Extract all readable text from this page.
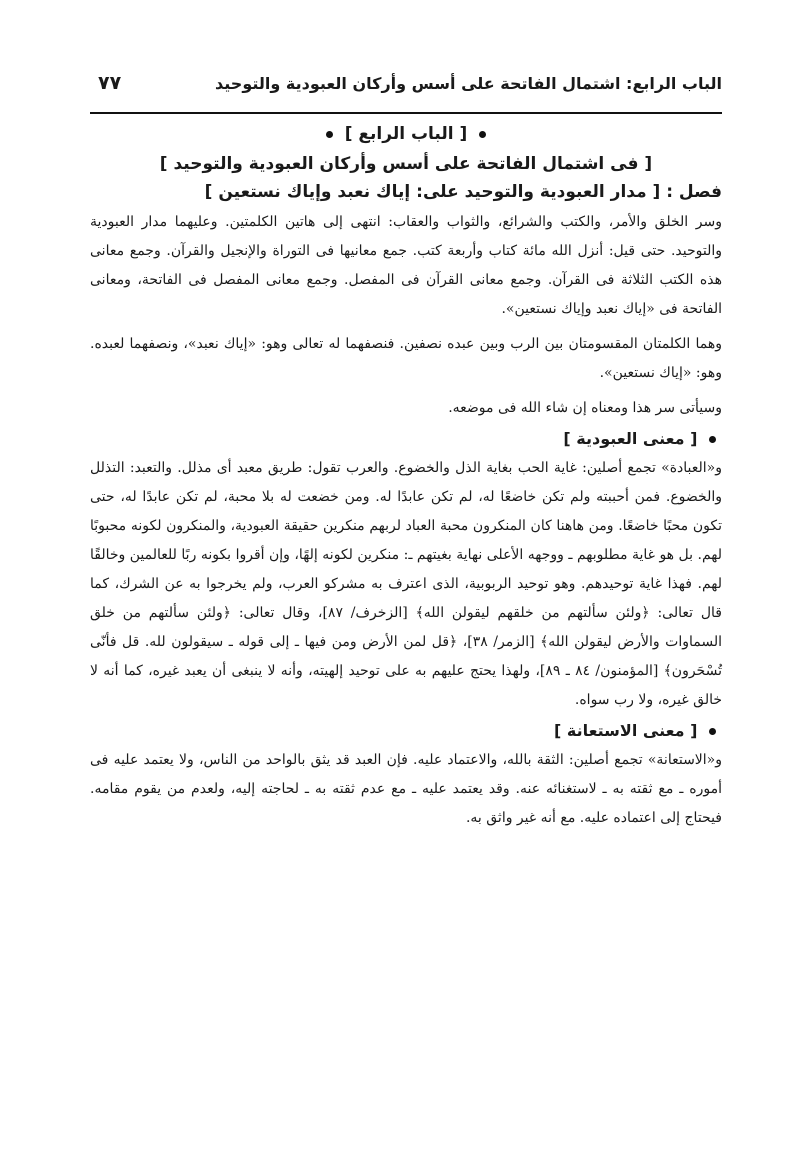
الباب الرابع: اشتمال الفاتحة على أسس وأركان العبودية والتوحيد
٧٧
[ الباب الرابع ]
[ فى اشتمال الفاتحة على أسس وأركان العبودية والتوحيد ]
فصل : [ مدار العبودية والتوحيد على: إياك نعبد وإياك نستعين ]

وسر الخلق والأمر، والكتب والشرائع، والثواب والعقاب: انتهى إلى هاتين الكلمتين. وعليهما مدار العبودية والتوحيد. حتى قيل: أنزل الله مائة كتاب وأربعة كتب. جمع معانيها فى التوراة والإنجيل والقرآن. وجمع معانى هذه الكتب الثلاثة فى القرآن. وجمع معانى القرآن فى المفصل. وجمع معانى المفصل فى الفاتحة، ومعانى الفاتحة فى «إياك نعبد وإياك نستعين».

وهما الكلمتان المقسومتان بين الرب وبين عبده نصفين. فنصفهما له تعالى وهو: «إياك نعبد»، ونصفهما لعبده. وهو: «إياك نستعين».

وسيأتى سر هذا ومعناه إن شاء الله فى موضعه.

[ معنى العبودية ]

و«العبادة» تجمع أصلين: غاية الحب بغاية الذل والخضوع. والعرب تقول: طريق معبد أى مذلل. والتعبد: التذلل والخضوع. فمن أحببته ولم تكن خاضعًا له، لم تكن عابدًا له. ومن خضعت له بلا محبة، لم تكن عابدًا له، حتى تكون محبًا خاضعًا. ومن هاهنا كان المنكرون محبة العباد لربهم منكرين حقيقة العبودية، والمنكرون لكونه محبوبًا لهم. بل هو غاية مطلوبهم ـ ووجهه الأعلى نهاية بغيتهم ـ: منكرين لكونه إلهًا، وإن أقروا بكونه ربًا للعالمين وخالقًا لهم. فهذا غاية توحيدهم. وهو توحيد الربوبية، الذى اعترف به مشركو العرب، ولم يخرجوا به عن الشرك، كما قال تعالى: ﴿ولئن سألتهم من خلقهم ليقولن الله﴾ [الزخرف/ ٨٧]، وقال تعالى: ﴿ولئن سألتهم من خلق السماوات والأرض ليقولن الله﴾ [الزمر/ ٣٨]، ﴿قل لمن الأرض ومن فيها ـ إلى قوله ـ سيقولون لله. قل فأنّى تُسْحَرون﴾ [المؤمنون/ ٨٤ ـ ٨٩]، ولهذا يحتج عليهم به على توحيد إلهيته، وأنه لا ينبغى أن يعبد غيره، كما أنه لا خالق غيره، ولا رب سواه.

[ معنى الاستعانة ]

و«الاستعانة» تجمع أصلين: الثقة بالله، والاعتماد عليه. فإن العبد قد يثق بالواحد من الناس، ولا يعتمد عليه فى أموره ـ مع ثقته به ـ لاستغنائه عنه. وقد يعتمد عليه ـ مع عدم ثقته به ـ لحاجته إليه، ولعدم من يقوم مقامه. فيحتاج إلى اعتماده عليه. مع أنه غير واثق به.
